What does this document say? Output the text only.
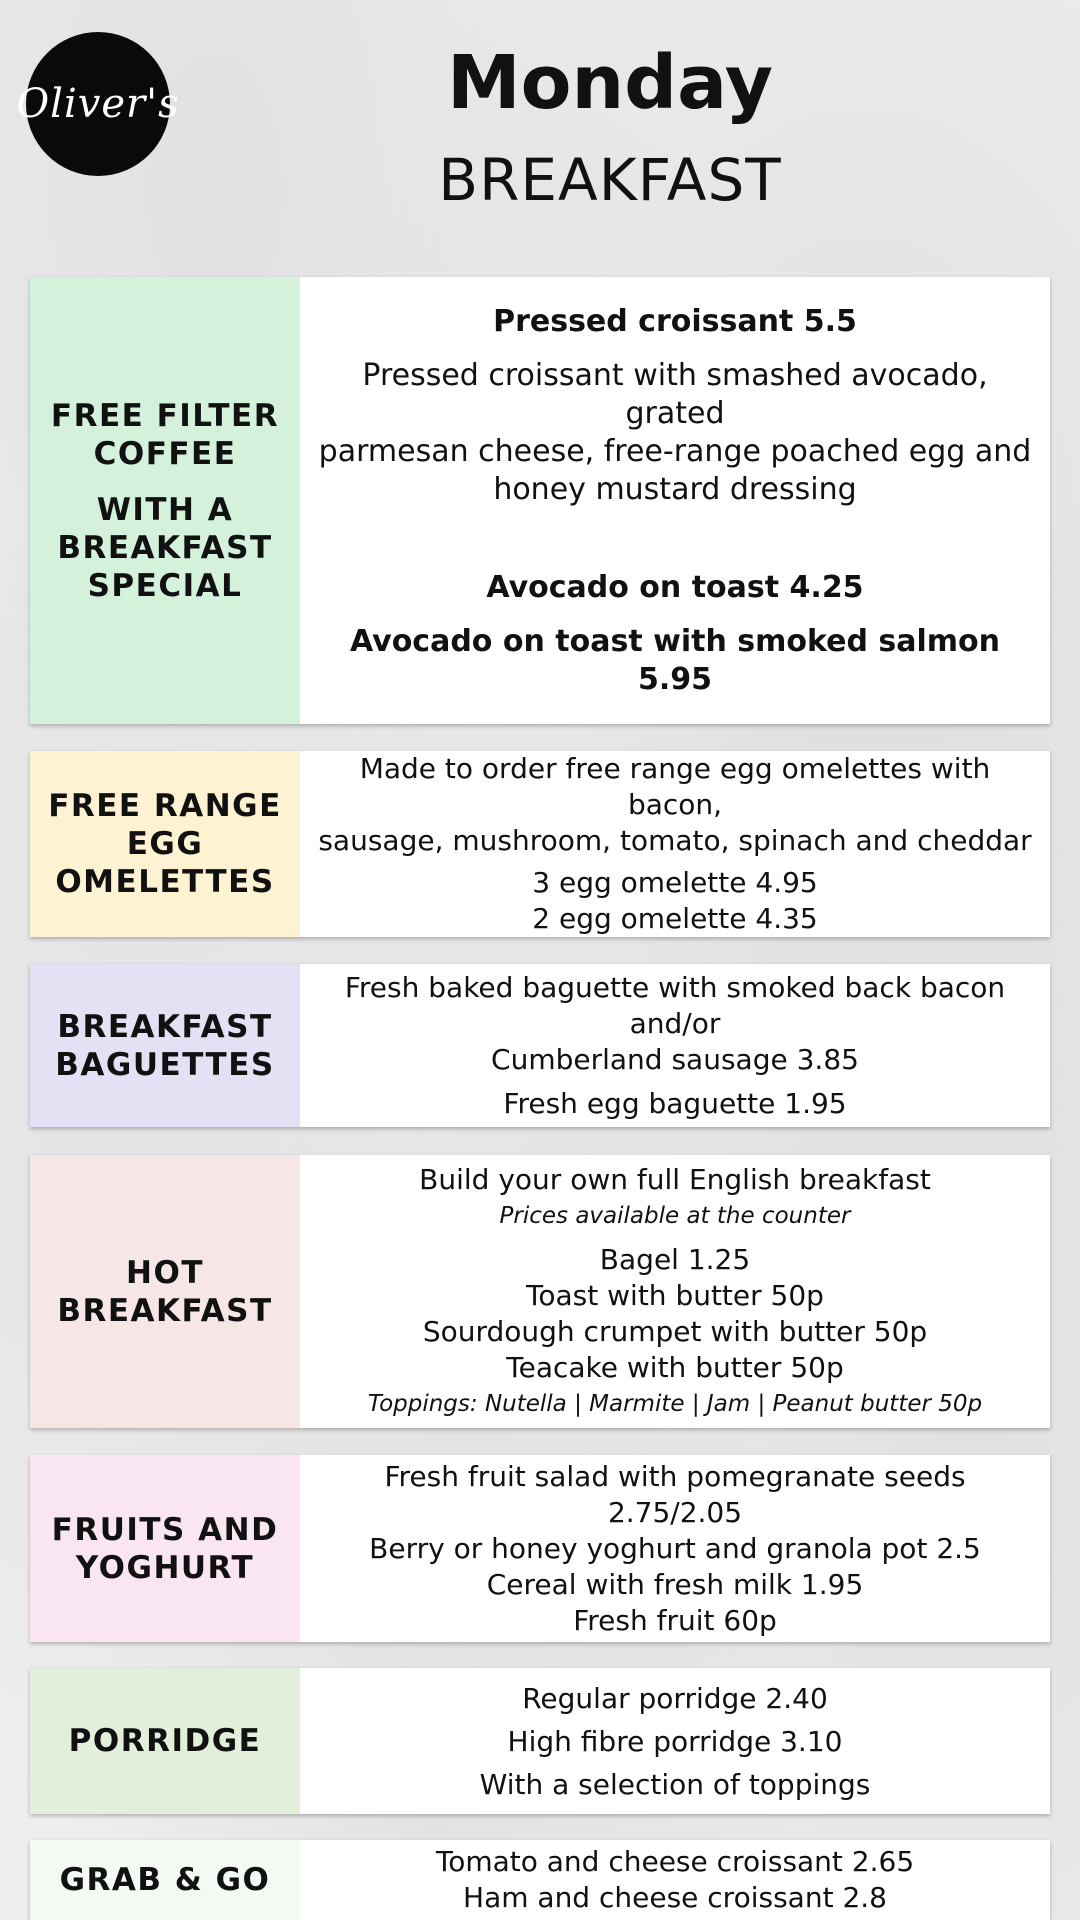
Oliver's	Monday
BREAKFAST
FREE FILTER
COFFEE
WITH A
BREAKFAST
SPECIAL
Pressed croissant 5.5
Pressed croissant with smashed avocado, grated
parmesan cheese, free-range poached egg and
honey mustard dressing
Avocado on toast 4.25
Avocado on toast with smoked salmon 5.95
FREE RANGE
EGG
OMELETTES
Made to order free range egg omelettes with bacon,
sausage, mushroom, tomato, spinach and cheddar
3 egg omelette 4.95
2 egg omelette 4.35
BREAKFAST
BAGUETTES
Fresh baked baguette with smoked back bacon and/or
Cumberland sausage 3.85
Fresh egg baguette 1.95
HOT
BREAKFAST
Build your own full English breakfast
Prices available at the counter
Bagel 1.25
Toast with butter 50p
Sourdough crumpet with butter 50p
Teacake with butter 50p
Toppings: Nutella | Marmite | Jam | Peanut butter 50p
FRUITS AND
YOGHURT
Fresh fruit salad with pomegranate seeds 2.75/2.05
Berry or honey yoghurt and granola pot 2.5
Cereal with fresh milk 1.95
Fresh fruit 60p
PORRIDGE
Regular porridge 2.40
High fibre porridge 3.10
With a selection of toppings
GRAB & GO
Tomato and cheese croissant 2.65
Ham and cheese croissant 2.8
